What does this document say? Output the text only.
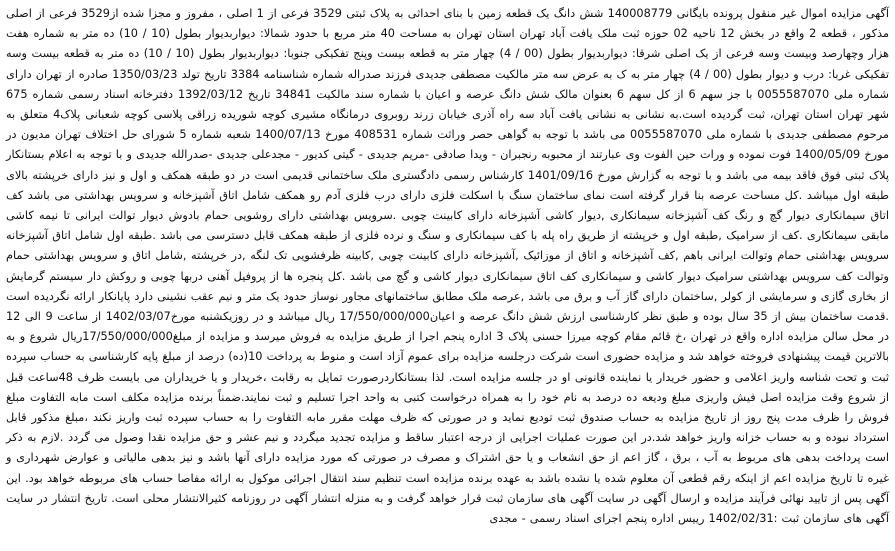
آگهی مزایده اموال غیر منقول پرونده بایگانی 140008779 شش دانگ یک قطعه زمین با بنای احداثی به پلاک ثبتی 3529 فرعی از 1 اصلی ، مفروز و مجزا شده از3529 فرعی از اصلی مذکور ، قطعه 2 واقع در بخش 12 ناحیه 02 حوزه ثبت ملک یافت آباد تهران استان تهران به مساحت 40 متر مربع با حدود شمالا: دیواربدیوار بطول (10 / 10) ده متر به شماره هفت هزار وچهارصد وبیست وسه فرعی از یک اصلی شرقا: دیواربدیوار بطول (00 / 4) چهار متر به قطعه بیست وپنج تفکیکی جنوبا: دیواربدیوار بطول (10 / 10) ده متر به قطعه بیست وسه تفکیکی غربا: درب و دیوار بطول (00 / 4) چهار متر به ک به عرض سه متر مالکیت مصطفی جدیدی فرزند صدراله شماره شناسنامه 3384 تاریخ تولد 1350/03/23 صادره از تهران دارای شماره ملی 0055587070 با جز سهم 6 از کل سهم 6 بعنوان مالک شش دانگ عرصه و اعیان با شماره سند مالکیت 34841 تاریخ 1392/03/12 دفترخانه اسناد رسمی شماره 675 شهر تهران استان تهران، ثبت گردیده است.به نشانی به نشانی یافت آباد سه راه آذری خیابان زرند روبروی درمانگاه مشیری کوچه شوریده زراقی پلاسی کوچه شعبانی پلاک4 متعلق به مرحوم مصطفی جدیدی با شماره ملی 0055587070 می باشد با توجه به گواهی حصر وراثت شماره 408531 مورخ 1400/07/13 شعبه شماره 5 شورای حل اختلاف تهران مدیون در مورخ 1400/05/09 فوت نموده و ورات حین الفوت وی عبارتند از محبوبه رنجبران - ویدا صادقی -مریم جدیدی - گیتی کدیور - مجدعلی جدیدی -صدرالله جدیدی و با توجه به اعلام بستانکار پلاک ثبتی فوق فاقد بیمه می باشد و با توجه به گزارش مورخ 1401/09/16 کارشناس رسمی دادگستری ملک ساختمانی قدیمی است در دو طبقه همکف و اول و نیز دارای خرپشته بالای طبقه اول میباشد .کل مساحت عرصه بنا قرار گرفته است نمای ساختمان سنگ با اسکلت فلزی دارای درب فلزی آدم رو همکف شامل اتاق آشپزخانه و سرویس بهداشتی می باشد کف اتاق سیمانکاری دیوار گچ و رنگ کف آشپزخانه سیمانکاری ,دیوار کاشی آشپزخانه دارای کابینت چوبی .سرویس بهداشتی دارای روشویی حمام بادوش دیوار توالت ایرانی تا نیمه کاشی مابقی سیمانکاری .کف از سرامیک ,طبقه اول و خرپشته از طریق راه پله با کف سیمانکاری و سنگ و نرده فلزی از طبقه همکف قابل دسترسی می باشد .طبقه اول شامل اتاق آشپزخانه سرویس بهداشتی حمام وتوالت ایرانی باهم ,کف آشپزخانه و اتاق از موزائیک ,آشپزخانه دارای کابینت چوبی ,کابینه ظرفشویی تک لنگه ,در خرپشته ,شامل اتاق و سرویس بهداشتی حمام وتوالت کف سرویس بهداشتی سرامیک دیوار کاشی و سیمانکاری کف اتاق سیمانکاری دیوار کاشی و گچ می باشد .کل پنجره ها از پروفیل آهنی دربها چوبی و روکش دار سیستم گرمایش از بخاری گازی و سرمایشی از کولر ,ساختمان دارای گاز آب و برق می باشد ,عرصه ملک مطابق ساختمانهای مجاور نوساز حدود یک متر و نیم عقب نشینی دارد پایانکار ارائه نگردیده است .قدمت ساختمان بیش از 35 سال بوده و طبق نظر کارشناسی ارزش شش دانگ عرصه و اعیان17/550/000/000 ریال میباشد و در روزیکشنبه مورخ1402/03/07 از ساعت 9 الی 12 در محل سالن مزایده اداره واقع در تهران ،خ قائم مقام کوچه میرزا حسنی پلاک 3 اداره پنجم اجرا از طریق مزایده به فروش میرسد و مزایده از مبلغ17/550/000/000ریال شروع و به بالاترین قیمت پیشنهادی فروخته خواهد شد و مزایده حضوری است شرکت درجلسه مزایده برای عموم آزاد است و منوط به پرداخت 10(ده) درصد از مبلغ پایه کارشناسی به حساب سپرده ثبت و تحت شناسه واریز اعلامی و حضور خریدار یا نماینده قانونی او در جلسه مزایده است. لذا بستانکاردرصورت تمایل به رقابت ،خریدار و یا خریداران می بایست ظرف 48ساعت قبل از شروع وقت مزایده اصل فیش واریزی مبلغ ودیعه ده درصد به نام خود را به همراه درخواست کتبی به واحد اجرا تسلیم و ثبت نمایند.ضمناً برنده مزایده مکلف است مابه التفاوت مبلغ فروش را ظرف مدت پنج روز از تاریخ مزایده به حساب صندوق ثبت تودیع نماید و در صورتی که ظرف مهلت مقرر مابه التفاوت را به حساب سپرده ثبت واریز نکند ،مبلغ مذکور قابل استرداد نبوده و به حساب خزانه واریز خواهد شد.در این صورت عملیات اجرایی از درجه اعتبار ساقط و مزایده تجدید میگردد و نیم عشر و حق مزایده نقدا وصول می گردد .لازم به ذکر است پرداخت بدهی های مربوط به آب ، برق ، گاز اعم از حق انشعاب و یا حق اشتراک و مصرف در صورتی که مورد مزایده دارای آنها باشد و نیز بدهی مالیاتی و عوارض شهرداری و غیره تا تاریخ مزایده اعم از اینکه رقم قطعی آن معلوم شده یا نشده باشد به عهده برنده مزایده است تنظیم سند انتقال اجرائی موکول به ارائه مفاصا حساب های مربوطه خواهد بود. این آگهی پس از تایید نهائی فرآیند مزایده و ارسال آگهی در سایت آگهی های سازمان ثبت قرار خواهد گرفت و به منزله انتشار آگهی در روزنامه کثیرالانتشار محلی است. تاریخ انتشار در سایت آگهی های سازمان ثبت :1402/02/31 رییس اداره پنجم اجرای اسناد رسمی - مجدی
